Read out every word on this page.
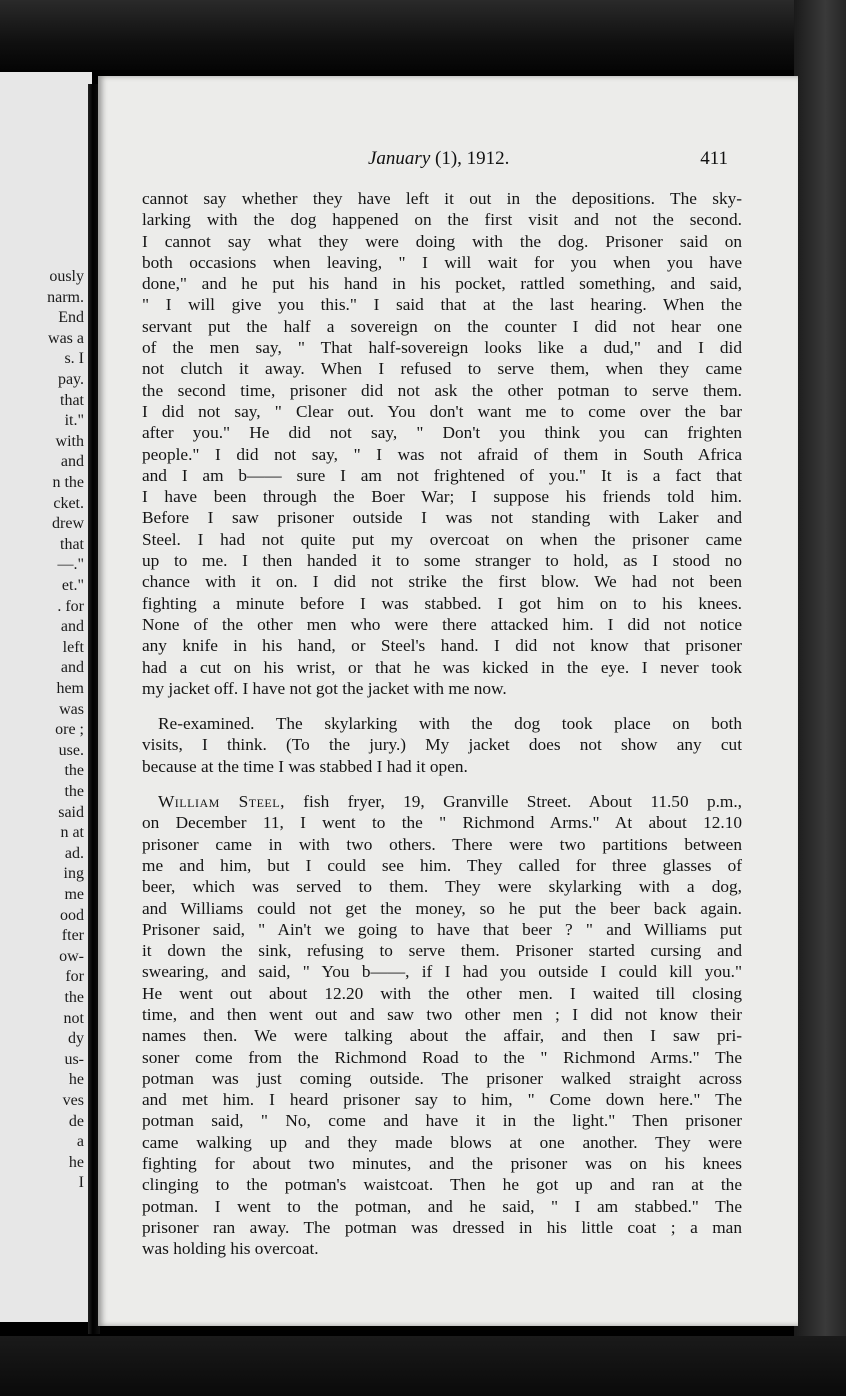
ously
narm.
End
was a
s. I
pay.
that
it."
with
and
n the
cket.
drew
that
—."
et."
. for
and
left
and
hem
was
ore ;
use.
the
the
said
n at
ad.
ing
me
ood
fter
ow-
for
the
not
dy
us-
he
ves
de
a
he
I
January (1), 1912.	411
cannot say whether they have left it out in the depositions. The sky-
larking with the dog happened on the first visit and not the second.
I cannot say what they were doing with the dog. Prisoner said on
both occasions when leaving, " I will wait for you when you have
done," and he put his hand in his pocket, rattled something, and said,
" I will give you this." I said that at the last hearing. When the
servant put the half a sovereign on the counter I did not hear one
of the men say, " That half-sovereign looks like a dud," and I did
not clutch it away. When I refused to serve them, when they came
the second time, prisoner did not ask the other potman to serve them.
I did not say, " Clear out. You don't want me to come over the bar
after you." He did not say, " Don't you think you can frighten
people." I did not say, " I was not afraid of them in South Africa
and I am b—— sure I am not frightened of you." It is a fact that
I have been through the Boer War; I suppose his friends told him.
Before I saw prisoner outside I was not standing with Laker and
Steel. I had not quite put my overcoat on when the prisoner came
up to me. I then handed it to some stranger to hold, as I stood no
chance with it on. I did not strike the first blow. We had not been
fighting a minute before I was stabbed. I got him on to his knees.
None of the other men who were there attacked him. I did not notice
any knife in his hand, or Steel's hand. I did not know that prisoner
had a cut on his wrist, or that he was kicked in the eye. I never took
my jacket off. I have not got the jacket with me now.
Re-examined. The skylarking with the dog took place on both
visits, I think. (To the jury.) My jacket does not show any cut
because at the time I was stabbed I had it open.
William Steel, fish fryer, 19, Granville Street. About 11.50 p.m.,
on December 11, I went to the " Richmond Arms." At about 12.10
prisoner came in with two others. There were two partitions between
me and him, but I could see him. They called for three glasses of
beer, which was served to them. They were skylarking with a dog,
and Williams could not get the money, so he put the beer back again.
Prisoner said, " Ain't we going to have that beer ? " and Williams put
it down the sink, refusing to serve them. Prisoner started cursing and
swearing, and said, " You b——, if I had you outside I could kill you."
He went out about 12.20 with the other men. I waited till closing
time, and then went out and saw two other men ; I did not know their
names then. We were talking about the affair, and then I saw pri-
soner come from the Richmond Road to the " Richmond Arms." The
potman was just coming outside. The prisoner walked straight across
and met him. I heard prisoner say to him, " Come down here." The
potman said, " No, come and have it in the light." Then prisoner
came walking up and they made blows at one another. They were
fighting for about two minutes, and the prisoner was on his knees
clinging to the potman's waistcoat. Then he got up and ran at the
potman. I went to the potman, and he said, " I am stabbed." The
prisoner ran away. The potman was dressed in his little coat ; a man
was holding his overcoat.
